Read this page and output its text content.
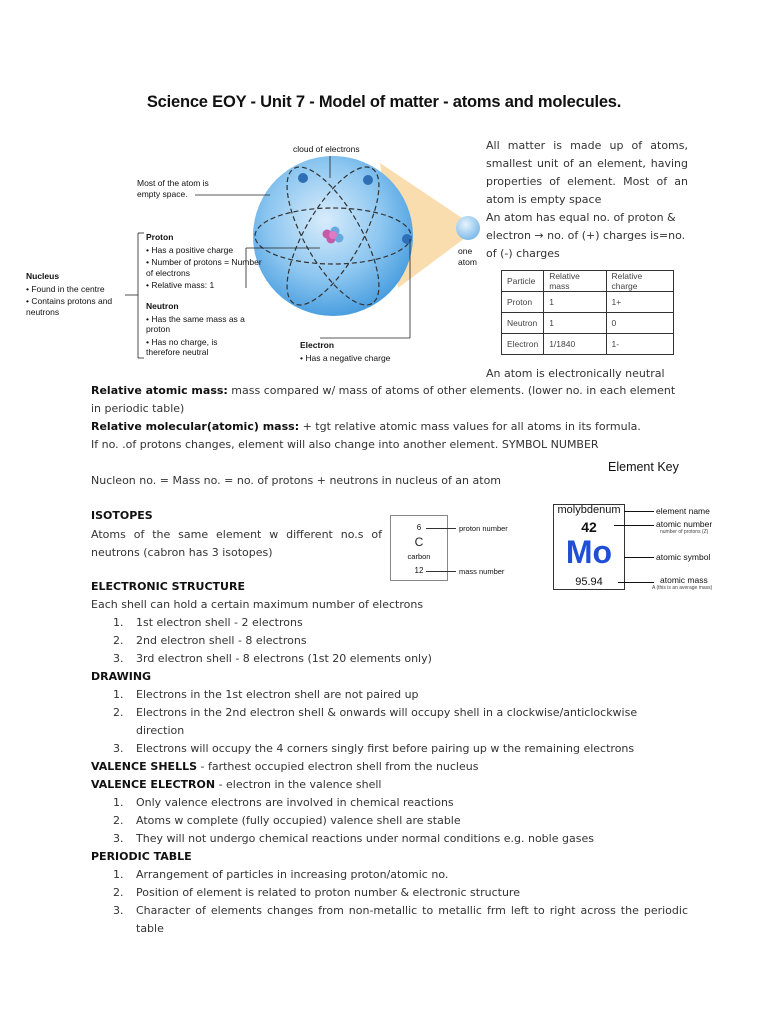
Science EOY - Unit 7 - Model of matter - atoms and molecules.
cloud of electrons
Most of the atom is empty space.
Proton
• Has a positive charge
• Number of protons = Number of electrons
• Relative mass: 1
Neutron
• Has the same mass as a proton
• Has no charge, is therefore neutral
Nucleus
• Found in the centre
• Contains protons and neutrons
Electron
• Has a negative charge
one atom
All matter is made up of atoms, smallest unit of an element, having properties of element. Most of an atom is empty space
An atom has equal no. of proton & electron → no. of (+) charges is=no. of (-) charges
Particle	Relative mass	Relative charge
Proton	1	1+
Neutron	1	0
Electron	1/1840	1-
An atom is electronically neutral
Relative atomic mass: mass compared w/ mass of atoms of other elements. (lower no. in each element in periodic table)
Relative molecular(atomic) mass: + tgt relative atomic mass values for all atoms in its formula.
If no. .of protons changes, element will also change into another element. SYMBOL NUMBER
Nucleon no. = Mass no. = no. of protons + neutrons in nucleus of an atom
ISOTOPES
Atoms of the same element w different no.s of neutrons (cabron has 3 isotopes)
6
C
carbon
12
proton number
mass number
Element Key
molybdenum
42
Mo
95.94
element name
atomic number
number of protons (Z)
atomic symbol
atomic mass
A (this is an average mass)
ELECTRONIC STRUCTURE
Each shell can hold a certain maximum number of electrons
1. 1st electron shell - 2 electrons
2. 2nd electron shell - 8 electrons
3. 3rd electron shell - 8 electrons (1st 20 elements only)
DRAWING
1. Electrons in the 1st electron shell are not paired up
2. Electrons in the 2nd electron shell & onwards will occupy shell in a clockwise/anticlockwise direction
3. Electrons will occupy the 4 corners singly first before pairing up w the remaining electrons
VALENCE SHELLS - farthest occupied electron shell from the nucleus
VALENCE ELECTRON - electron in the valence shell
1. Only valence electrons are involved in chemical reactions
2. Atoms w complete (fully occupied) valence shell are stable
3. They will not undergo chemical reactions under normal conditions e.g. noble gases
PERIODIC TABLE
1. Arrangement of particles in increasing proton/atomic no.
2. Position of element is related to proton number & electronic structure
3. Character of elements changes from non-metallic to metallic frm left to right across the periodic table
